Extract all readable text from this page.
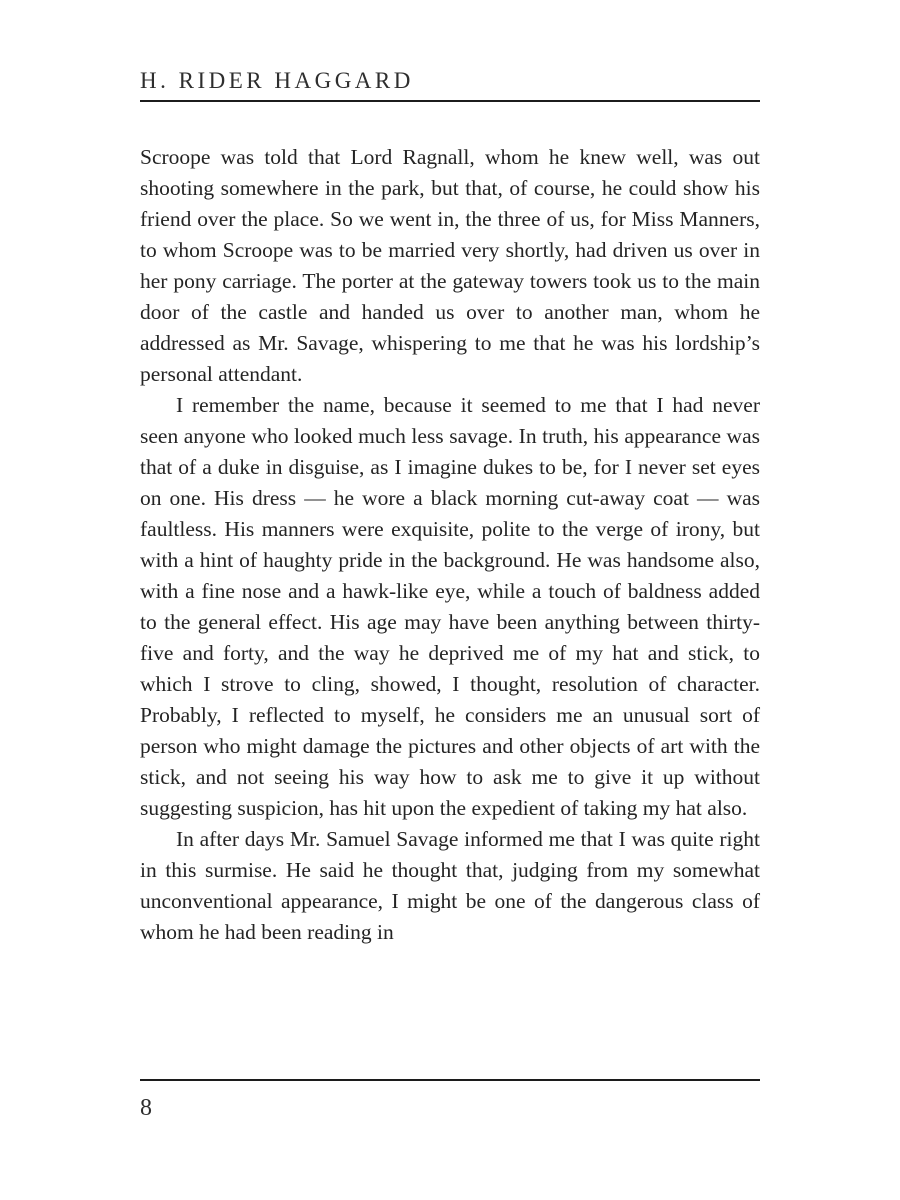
H. RIDER HAGGARD

Scroope was told that Lord Ragnall, whom he knew well, was out shooting somewhere in the park, but that, of course, he could show his friend over the place. So we went in, the three of us, for Miss Manners, to whom Scroope was to be married very shortly, had driven us over in her pony carriage. The porter at the gateway towers took us to the main door of the castle and handed us over to another man, whom he addressed as Mr. Savage, whispering to me that he was his lordship’s personal attendant.

I remember the name, because it seemed to me that I had never seen anyone who looked much less savage. In truth, his appearance was that of a duke in disguise, as I imagine dukes to be, for I never set eyes on one. His dress — he wore a black morning cut-away coat — was faultless. His manners were exquisite, polite to the verge of irony, but with a hint of haughty pride in the background. He was handsome also, with a fine nose and a hawk-like eye, while a touch of baldness added to the general effect. His age may have been anything between thirty-five and forty, and the way he deprived me of my hat and stick, to which I strove to cling, showed, I thought, resolution of character. Probably, I reflected to myself, he considers me an unusual sort of person who might damage the pictures and other objects of art with the stick, and not seeing his way how to ask me to give it up without suggesting suspicion, has hit upon the expedient of taking my hat also.

In after days Mr. Samuel Savage informed me that I was quite right in this surmise. He said he thought that, judging from my somewhat unconventional appearance, I might be one of the dangerous class of whom he had been reading in

8
